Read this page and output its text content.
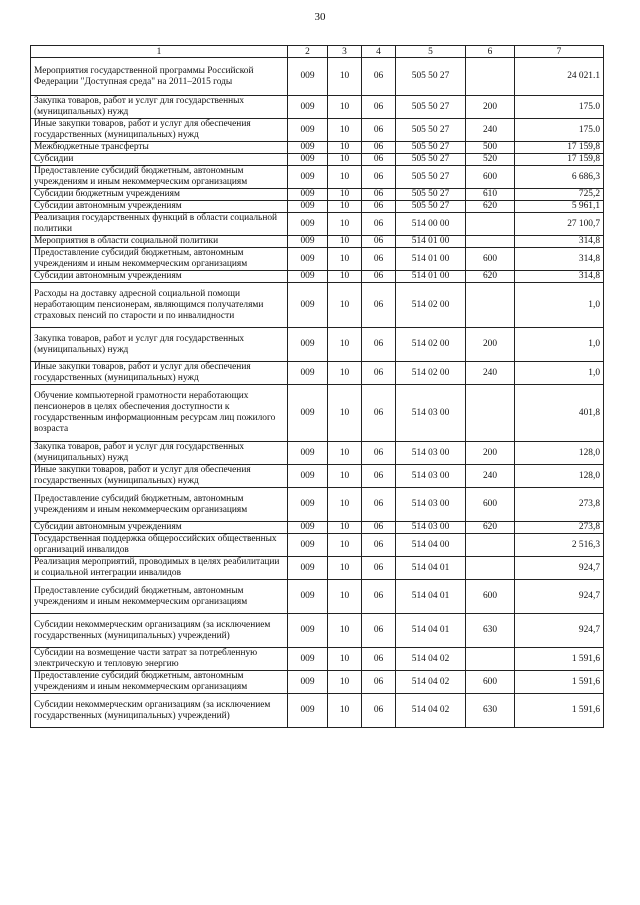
30
1	2	3	4	5	6	7
Мероприятия государственной программы Российской Федерации "Доступная среда" на 2011–2015 годы	009	10	06	505 50 27		24 021.1
Закупка товаров, работ и услуг для государственных (муниципальных) нужд	009	10	06	505 50 27	200	175.0
Иные закупки товаров, работ и услуг для обеспечения государственных (муниципальных) нужд	009	10	06	505 50 27	240	175.0
Межбюджетные трансферты	009	10	06	505 50 27	500	17 159,8
Субсидии	009	10	06	505 50 27	520	17 159,8
Предоставление субсидий бюджетным, автономным учреждениям и иным некоммерческим организациям	009	10	06	505 50 27	600	6 686,3
Субсидии бюджетным учреждениям	009	10	06	505 50 27	610	725,2
Субсидии автономным учреждениям	009	10	06	505 50 27	620	5 961,1
Реализация государственных функций в области социальной политики	009	10	06	514 00 00		27 100,7
Мероприятия в области социальной политики	009	10	06	514 01 00		314,8
Предоставление субсидий бюджетным, автономным учреждениям и иным некоммерческим организациям	009	10	06	514 01 00	600	314,8
Субсидии автономным учреждениям	009	10	06	514 01 00	620	314,8
Расходы на доставку адресной социальной помощи неработающим пенсионерам, являющимся получателями страховых пенсий по старости и по инвалидности	009	10	06	514 02 00		1,0
Закупка товаров, работ и услуг для государственных (муниципальных) нужд	009	10	06	514 02 00	200	1,0
Иные закупки товаров, работ и услуг для обеспечения государственных (муниципальных) нужд	009	10	06	514 02 00	240	1,0
Обучение компьютерной грамотности неработающих пенсионеров в целях обеспечения доступности к государственным информационным ресурсам лиц пожилого возраста	009	10	06	514 03 00		401,8
Закупка товаров, работ и услуг для государственных (муниципальных) нужд	009	10	06	514 03 00	200	128,0
Иные закупки товаров, работ и услуг для обеспечения государственных (муниципальных) нужд	009	10	06	514 03 00	240	128,0
Предоставление субсидий бюджетным, автономным учреждениям и иным некоммерческим организациям	009	10	06	514 03 00	600	273,8
Субсидии автономным учреждениям	009	10	06	514 03 00	620	273,8
Государственная поддержка общероссийских общественных организаций инвалидов	009	10	06	514 04 00		2 516,3
Реализация мероприятий, проводимых в целях реабилитации и социальной интеграции инвалидов	009	10	06	514 04 01		924,7
Предоставление субсидий бюджетным, автономным учреждениям и иным некоммерческим организациям	009	10	06	514 04 01	600	924,7
Субсидии некоммерческим организациям (за исключением государственных (муниципальных) учреждений)	009	10	06	514 04 01	630	924,7
Субсидии на возмещение части затрат за потребленную электрическую и тепловую энергию	009	10	06	514 04 02		1 591,6
Предоставление субсидий бюджетным, автономным учреждениям и иным некоммерческим организациям	009	10	06	514 04 02	600	1 591,6
Субсидии некоммерческим организациям (за исключением государственных (муниципальных) учреждений)	009	10	06	514 04 02	630	1 591,6
